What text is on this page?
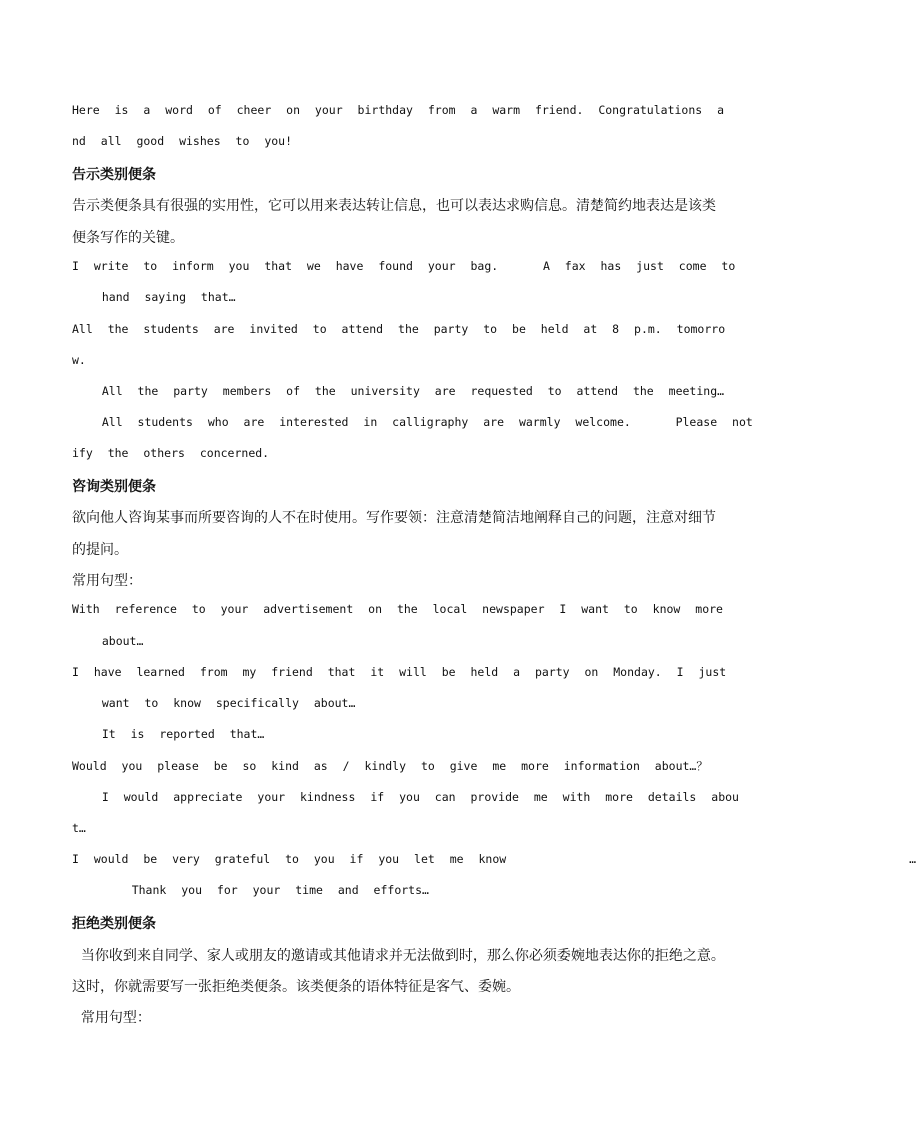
Here is a word of cheer on your birthday from a warm friend. Congratulations a
nd all good wishes to you!
告示类别便条
告示类便条具有很强的实用性，它可以用来表达转让信息，也可以表达求购信息。清楚简约地表达是该类
便条写作的关键。
I write to inform you that we have found your bag.   A fax has just come to
hand saying that…
All the students are invited to attend the party to be held at 8 p.m. tomorro
w.
All the party members of the university are requested to attend the meeting…
All students who are interested in calligraphy are warmly welcome.   Please not
ify the others concerned.
咨询类别便条
欲向他人咨询某事而所要咨询的人不在时使用。写作要领：注意清楚简洁地阐释自己的问题，注意对细节
的提问。
常用句型：
With reference to your advertisement on the local newspaper I want to know more
about…
I have learned from my friend that it will be held a party on Monday. I just
want to know specifically about…
It is reported that…
Would you please be so kind as / kindly to give me more information about…？
I would appreciate your kindness if you can provide me with more details abou
t…
I would be very grateful to you if you let me know                           …
Thank you for your time and efforts…
拒绝类别便条
当你收到来自同学、家人或朋友的邀请或其他请求并无法做到时，那么你必须委婉地表达你的拒绝之意。
这时，你就需要写一张拒绝类便条。该类便条的语体特征是客气、委婉。
常用句型：
